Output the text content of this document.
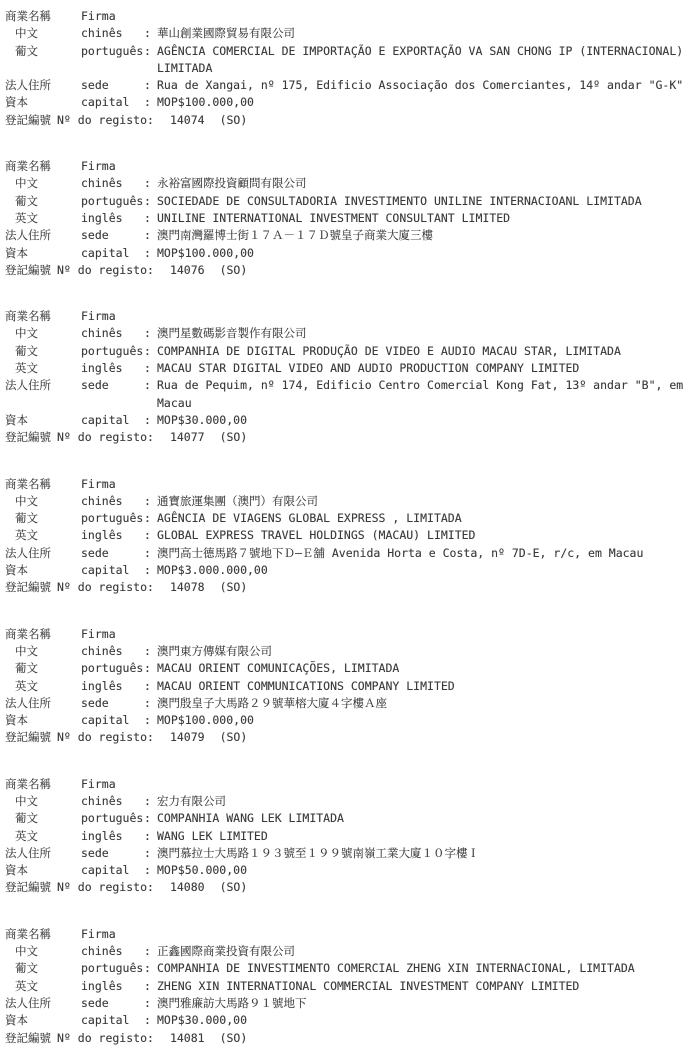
商業名稱	Firma
中文	chinês	: 華山創業國際貿易有限公司
葡文	português : AGÊNCIA COMERCIAL DE IMPORTAÇÃO E EXPORTAÇÃO VA SAN CHONG IP (INTERNACIONAL) LIMITADA
法人住所	sede	: Rua de Xangai, nº 175, Edificio Associação dos Comerciantes, 14º andar "G-K"
資本	capital	: MOP$100.000,00
登記編號 Nº do registo: 14074 (SO)
商業名稱	Firma
中文	chinês	: 永裕富國際投資顧問有限公司
葡文	português : SOCIEDADE DE CONSULTADORIA INVESTIMENTO UNILINE INTERNACIOANL LIMITADA
英文	inglês	: UNILINE INTERNATIONAL INVESTMENT CONSULTANT LIMITED
法人住所	sede	: 澳門南灣羅博士街１７Ａ－１７Ｄ號皇子商業大廈三樓
資本	capital	: MOP$100.000,00
登記編號 Nº do registo: 14076 (SO)
商業名稱	Firma
中文	chinês	: 澳門星數碼影音製作有限公司
葡文	português : COMPANHIA DE DIGITAL PRODUÇÃO DE VIDEO E AUDIO MACAU STAR, LIMITADA
英文	inglês	: MACAU STAR DIGITAL VIDEO AND AUDIO PRODUCTION COMPANY LIMITED
法人住所	sede	: Rua de Pequim, nº 174, Edificio Centro Comercial Kong Fat, 13º andar "B", em Macau
資本	capital	: MOP$30.000,00
登記編號 Nº do registo: 14077 (SO)
商業名稱	Firma
中文	chinês	: 通寶旅運集團（澳門）有限公司
葡文	português : AGÊNCIA DE VIAGENS GLOBAL EXPRESS , LIMITADA
英文	inglês	: GLOBAL EXPRESS TRAVEL HOLDINGS (MACAU) LIMITED
法人住所	sede	: 澳門高士德馬路７號地下Ｄ—Ｅ舖 Avenida Horta e Costa, nº 7D-E, r/c, em Macau
資本	capital	: MOP$3.000.000,00
登記編號 Nº do registo: 14078 (SO)
商業名稱	Firma
中文	chinês	: 澳門東方傳媒有限公司
葡文	português : MACAU ORIENT COMUNICAÇÕES, LIMITADA
英文	inglês	: MACAU ORIENT COMMUNICATIONS COMPANY LIMITED
法人住所	sede	: 澳門殷皇子大馬路２９號華榕大廈４字樓Ａ座
資本	capital	: MOP$100.000,00
登記編號 Nº do registo: 14079 (SO)
商業名稱	Firma
中文	chinês	: 宏力有限公司
葡文	português : COMPANHIA WANG LEK LIMITADA
英文	inglês	: WANG LEK LIMITED
法人住所	sede	: 澳門慕拉士大馬路１９３號至１９９號南嶺工業大廈１０字樓Ｉ
資本	capital	: MOP$50.000,00
登記編號 Nº do registo: 14080 (SO)
商業名稱	Firma
中文	chinês	: 正鑫國際商業投資有限公司
葡文	português : COMPANHIA DE INVESTIMENTO COMERCIAL ZHENG XIN INTERNACIONAL, LIMITADA
英文	inglês	: ZHENG XIN INTERNATIONAL COMMERCIAL INVESTMENT COMPANY LIMITED
法人住所	sede	: 澳門雅廉訪大馬路９１號地下
資本	capital	: MOP$30.000,00
登記編號 Nº do registo: 14081 (SO)
